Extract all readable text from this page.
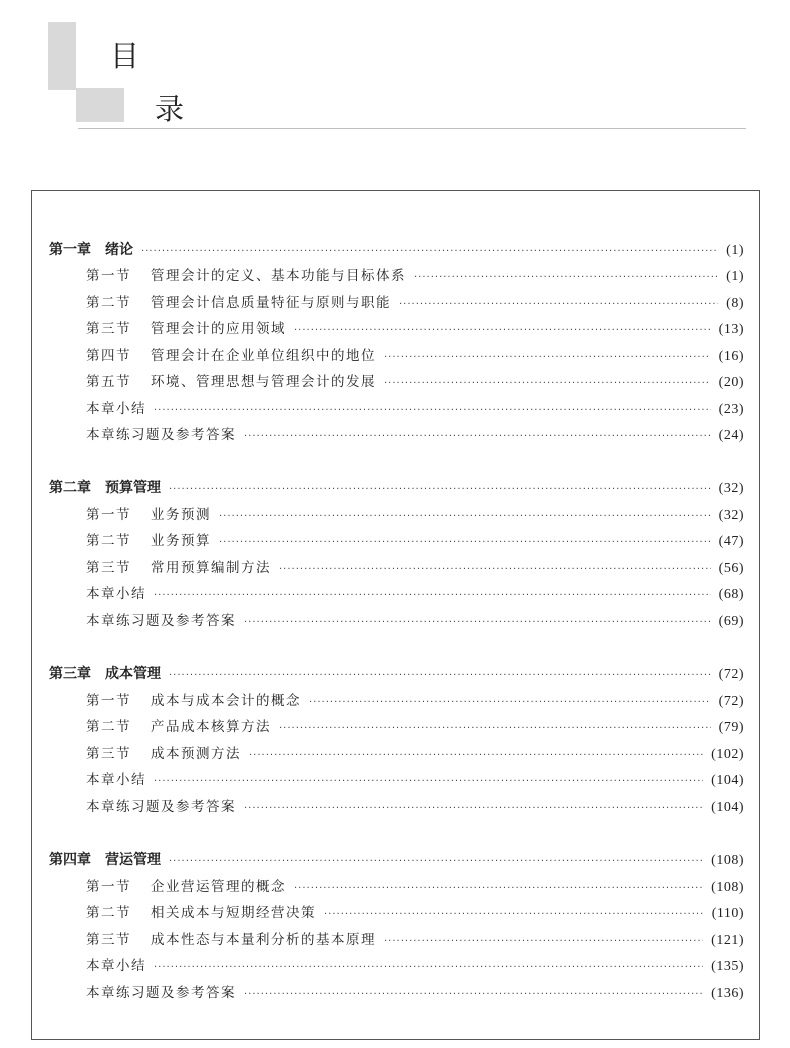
目
录
第一章 绪论 ·····	(1)
第一节 管理会计的定义、基本功能与目标体系 ·····	(1)
第二节 管理会计信息质量特征与原则与职能 ·····	(8)
第三节 管理会计的应用领域 ·····	(13)
第四节 管理会计在企业单位组织中的地位 ·····	(16)
第五节 环境、管理思想与管理会计的发展 ·····	(20)
本章小结 ·····	(23)
本章练习题及参考答案 ·····	(24)
第二章 预算管理 ·····	(32)
第一节 业务预测 ·····	(32)
第二节 业务预算 ·····	(47)
第三节 常用预算编制方法 ·····	(56)
本章小结 ·····	(68)
本章练习题及参考答案 ·····	(69)
第三章 成本管理 ·····	(72)
第一节 成本与成本会计的概念 ·····	(72)
第二节 产品成本核算方法 ·····	(79)
第三节 成本预测方法 ·····	(102)
本章小结 ·····	(104)
本章练习题及参考答案 ·····	(104)
第四章 营运管理 ·····	(108)
第一节 企业营运管理的概念 ·····	(108)
第二节 相关成本与短期经营决策 ·····	(110)
第三节 成本性态与本量利分析的基本原理 ·····	(121)
本章小结 ·····	(135)
本章练习题及参考答案 ·····	(136)
